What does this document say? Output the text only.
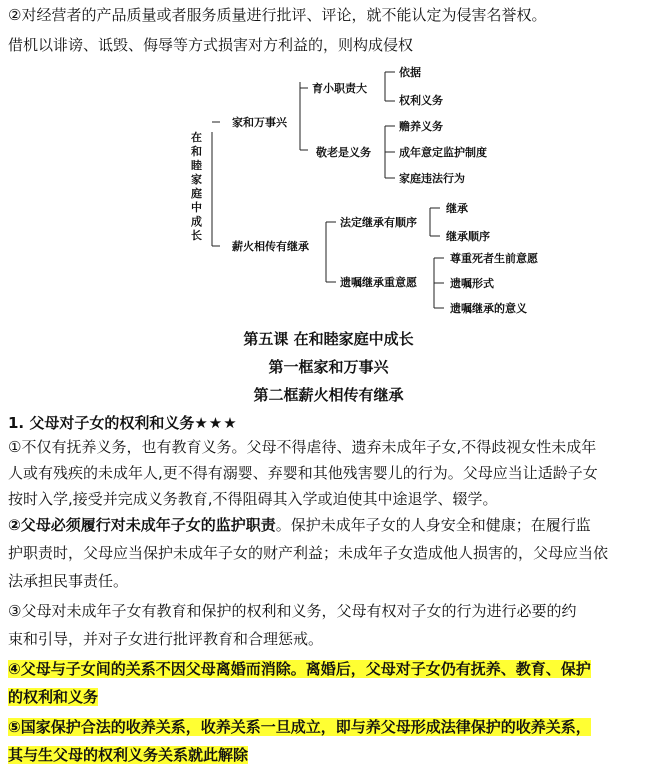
②对经营者的产品质量或者服务质量进行批评、评论，就不能认定为侵害名誉权。
借机以诽谤、诋毁、侮辱等方式损害对方利益的，则构成侵权
在
和
睦
家
庭
中
成
长
家和万事兴
育小职责大
依据
权利义务
敬老是义务
赡养义务
成年意定监护制度
家庭违法行为
薪火相传有继承
法定继承有顺序
继承
继承顺序
遗嘱继承重意愿
尊重死者生前意愿
遗嘱形式
遗嘱继承的意义
第五课 在和睦家庭中成长
第一框家和万事兴
第二框薪火相传有继承
1. 父母对子女的权利和义务★★★
①不仅有抚养义务，也有教育义务。父母不得虐待、遗弃未成年子女,不得歧视女性未成年
人或有残疾的未成年人,更不得有溺婴、弃婴和其他残害婴儿的行为。父母应当让适龄子女
按时入学,接受并完成义务教育,不得阻碍其入学或迫使其中途退学、辍学。
②父母必须履行对未成年子女的监护职责。保护未成年子女的人身安全和健康；在履行监
护职责时，父母应当保护未成年子女的财产利益；未成年子女造成他人损害的，父母应当依
法承担民事责任。
③父母对未成年子女有教育和保护的权利和义务，父母有权对子女的行为进行必要的约
束和引导，并对子女进行批评教育和合理惩戒。
④父母与子女间的关系不因父母离婚而消除。离婚后，父母对子女仍有抚养、教育、保护
的权利和义务
⑤国家保护合法的收养关系，收养关系一旦成立，即与养父母形成法律保护的收养关系，
其与生父母的权利义务关系就此解除
